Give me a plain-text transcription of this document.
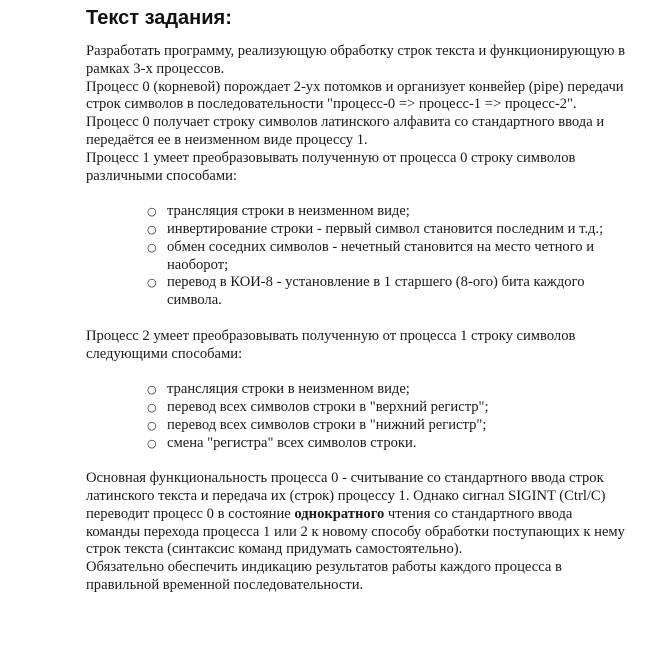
Текст задания:

Разработать программу, реализующую обработку строк текста и функционирующую в рамках 3-х процессов.

Процесс 0 (корневой) порождает 2-ух потомков и организует конвейер (pipe) передачи строк символов в последовательности "процесс-0 => процесс-1 => процесс-2".

Процесс 0 получает строку символов латинского алфавита со стандартного ввода и передаётся ее в неизменном виде процессу 1.

Процесс 1 умеет преобразовывать полученную от процесса 0 строку символов различными способами:

○ трансляция строки в неизменном виде;
○ инвертирование строки - первый символ становится последним и т.д.;
○ обмен соседних символов - нечетный становится на место четного и наоборот;
○ перевод в КОИ-8 - установление в 1 старшего (8-ого) бита каждого символа.

Процесс 2 умеет преобразовывать полученную от процесса 1 строку символов следующими способами:

○ трансляция строки в неизменном виде;
○ перевод всех символов строки в "верхний регистр";
○ перевод всех символов строки в "нижний регистр";
○ смена "регистра" всех символов строки.

Основная функциональность процесса 0 - считывание со стандартного ввода строк латинского текста и передача их (строк) процессу 1. Однако сигнал SIGINT (Ctrl/C) переводит процесс 0 в состояние однократного чтения со стандартного ввода команды перехода процесса 1 или 2 к новому способу обработки поступающих к нему строк текста (синтаксис команд придумать самостоятельно).

Обязательно обеспечить индикацию результатов работы каждого процесса в правильной временной последовательности.
